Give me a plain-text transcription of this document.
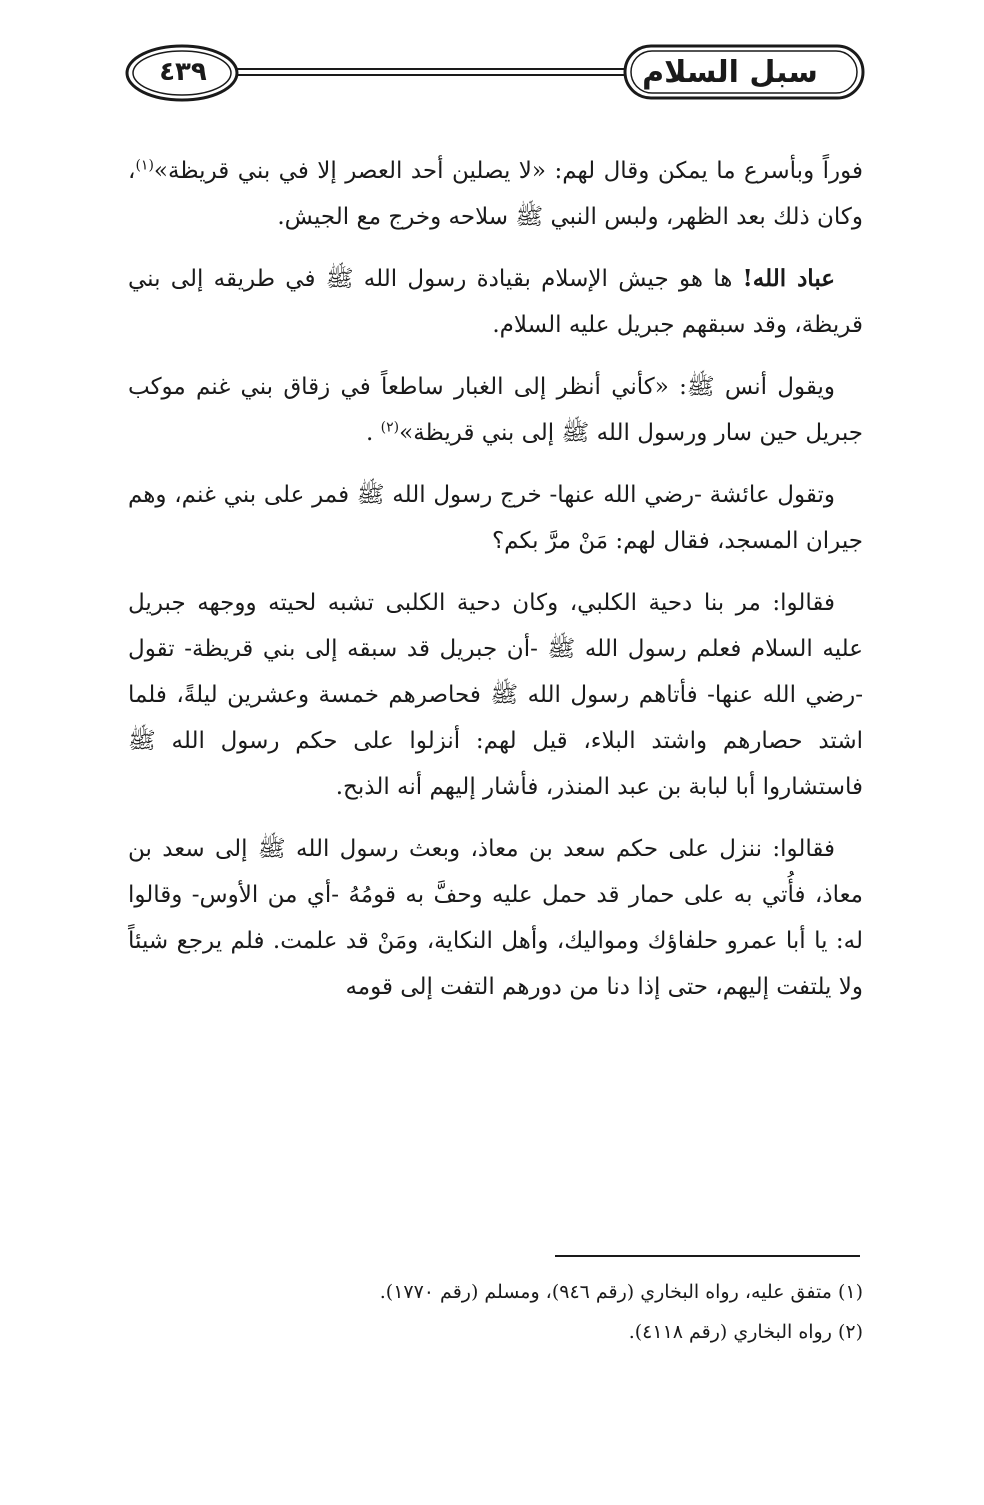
٤٣٩	سبل السلام

فوراً وبأسرع ما يمكن وقال لهم: «لا يصلين أحد العصر إلا في بني قريظة»$^{(١)}$، وكان ذلك بعد الظهر، ولبس النبي ﷺ سلاحه وخرج مع الجيش.

عباد الله! ها هو جيش الإسلام بقيادة رسول الله ﷺ في طريقه إلى بني قريظة، وقد سبقهم جبريل عليه السلام.

ويقول أنس ﷺ: «كأني أنظر إلى الغبار ساطعاً في زقاق بني غنم موكب جبريل حين سار ورسول الله ﷺ إلى بني قريظة»$^{(٢)}$ .

وتقول عائشة -رضي الله عنها- خرج رسول الله ﷺ فمر على بني غنم، وهم جيران المسجد، فقال لهم: مَنْ مرَّ بكم؟

فقالوا: مر بنا دحية الكلبي، وكان دحية الكلبى تشبه لحيته ووجهه جبريل عليه السلام فعلم رسول الله ﷺ -أن جبريل قد سبقه إلى بني قريظة- تقول -رضي الله عنها- فأتاهم رسول الله ﷺ فحاصرهم خمسة وعشرين ليلةً، فلما اشتد حصارهم واشتد البلاء، قيل لهم: أنزلوا على حكم رسول الله ﷺ فاستشاروا أبا لبابة بن عبد المنذر، فأشار إليهم أنه الذبح.

فقالوا: ننزل على حكم سعد بن معاذ، وبعث رسول الله ﷺ إلى سعد بن معاذ، فأُتي به على حمار قد حمل عليه وحفَّ به قومُهُ -أي من الأوس- وقالوا له: يا أبا عمرو حلفاؤك ومواليك، وأهل النكاية، ومَنْ قد علمت. فلم يرجع شيئاً ولا يلتفت إليهم، حتى إذا دنا من دورهم التفت إلى قومه

(١) متفق عليه، رواه البخاري (رقم ٩٤٦)، ومسلم (رقم ١٧٧٠).
(٢) رواه البخاري (رقم ٤١١٨).
